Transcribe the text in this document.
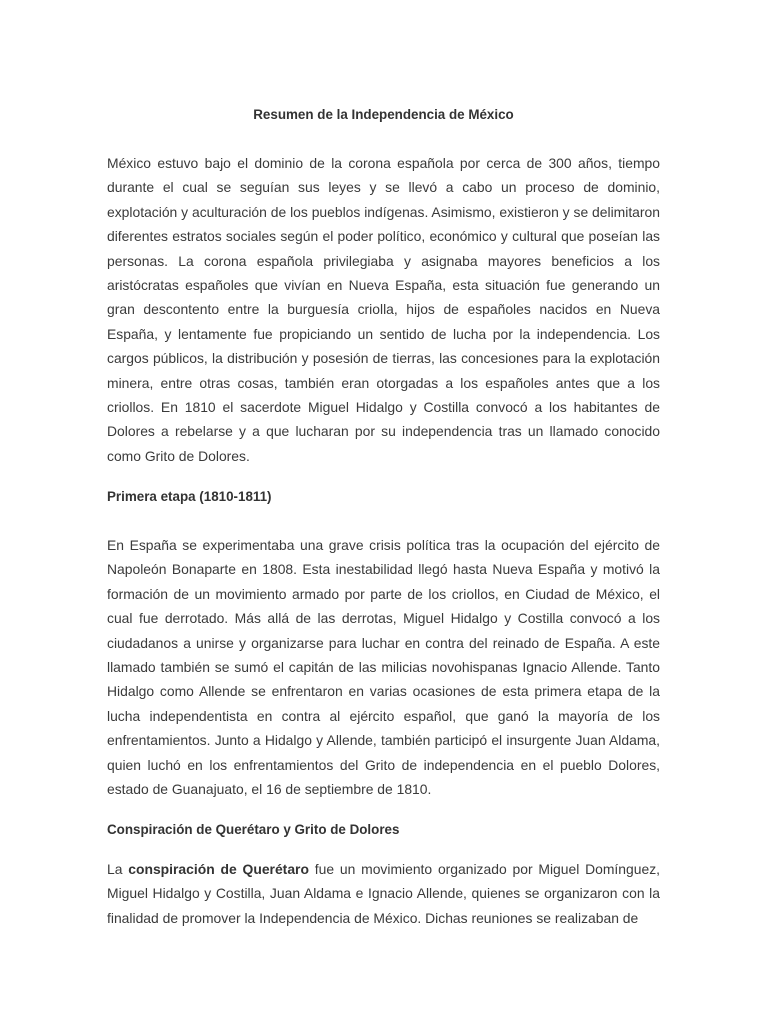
Resumen de la Independencia de México

México estuvo bajo el dominio de la corona española por cerca de 300 años, tiempo durante el cual se seguían sus leyes y se llevó a cabo un proceso de dominio, explotación y aculturación de los pueblos indígenas. Asimismo, existieron y se delimitaron diferentes estratos sociales según el poder político, económico y cultural que poseían las personas. La corona española privilegiaba y asignaba mayores beneficios a los aristócratas españoles que vivían en Nueva España, esta situación fue generando un gran descontento entre la burguesía criolla, hijos de españoles nacidos en Nueva España, y lentamente fue propiciando un sentido de lucha por la independencia. Los cargos públicos, la distribución y posesión de tierras, las concesiones para la explotación minera, entre otras cosas, también eran otorgadas a los españoles antes que a los criollos. En 1810 el sacerdote Miguel Hidalgo y Costilla convocó a los habitantes de Dolores a rebelarse y a que lucharan por su independencia tras un llamado conocido como Grito de Dolores.

Primera etapa (1810-1811)

En España se experimentaba una grave crisis política tras la ocupación del ejército de Napoleón Bonaparte en 1808. Esta inestabilidad llegó hasta Nueva España y motivó la formación de un movimiento armado por parte de los criollos, en Ciudad de México, el cual fue derrotado. Más allá de las derrotas, Miguel Hidalgo y Costilla convocó a los ciudadanos a unirse y organizarse para luchar en contra del reinado de España. A este llamado también se sumó el capitán de las milicias novohispanas Ignacio Allende. Tanto Hidalgo como Allende se enfrentaron en varias ocasiones de esta primera etapa de la lucha independentista en contra al ejército español, que ganó la mayoría de los enfrentamientos. Junto a Hidalgo y Allende, también participó el insurgente Juan Aldama, quien luchó en los enfrentamientos del Grito de independencia en el pueblo Dolores, estado de Guanajuato, el 16 de septiembre de 1810.

Conspiración de Querétaro y Grito de Dolores

La conspiración de Querétaro fue un movimiento organizado por Miguel Domínguez, Miguel Hidalgo y Costilla, Juan Aldama e Ignacio Allende, quienes se organizaron con la finalidad de promover la Independencia de México. Dichas reuniones se realizaban de
